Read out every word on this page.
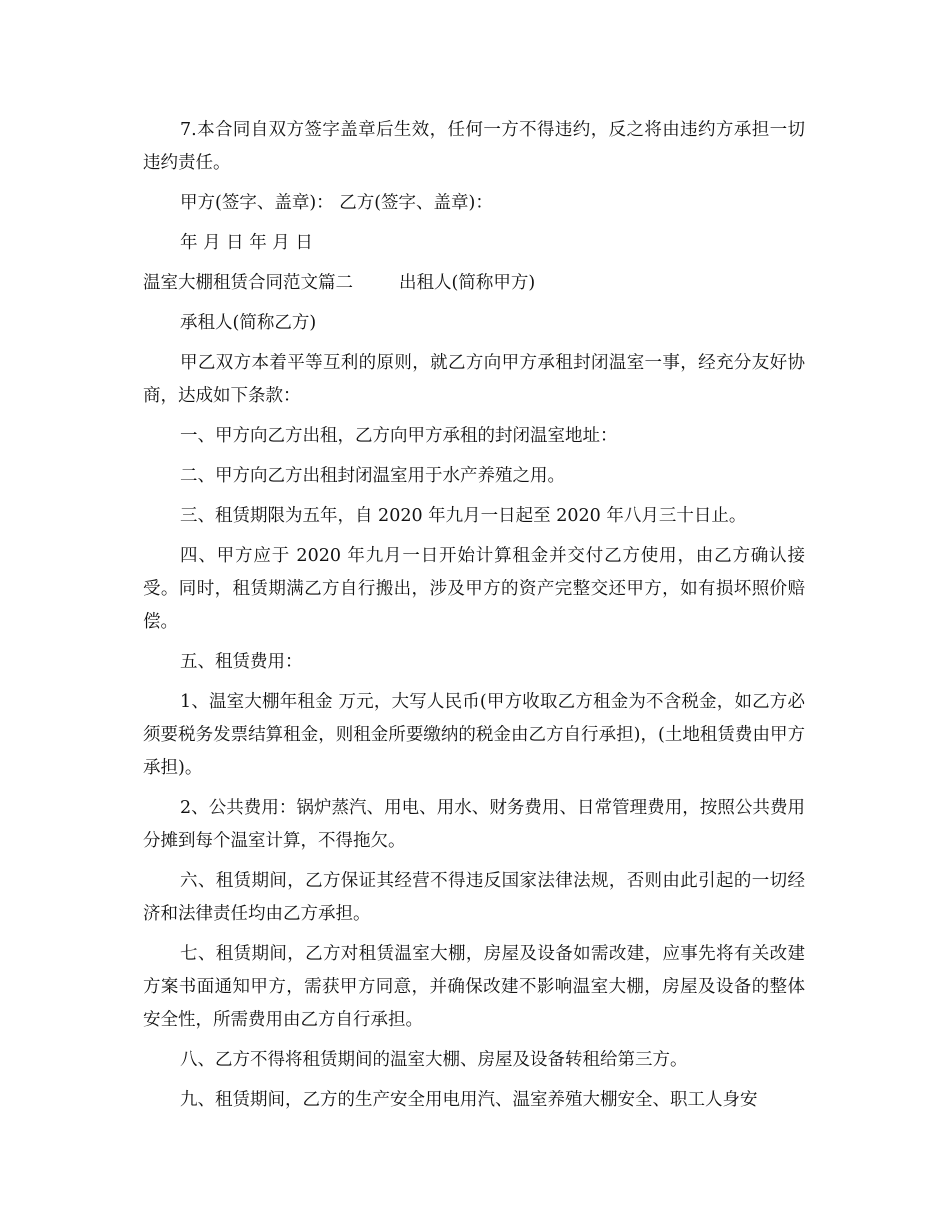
7.本合同自双方签字盖章后生效，任何一方不得违约，反之将由违约方承担一切违约责任。

甲方(签字、盖章)： 乙方(签字、盖章)：

年 月 日 年 月 日

温室大棚租赁合同范文篇二	出租人(简称甲方)

承租人(简称乙方)

甲乙双方本着平等互利的原则，就乙方向甲方承租封闭温室一事，经充分友好协商，达成如下条款：

一、甲方向乙方出租，乙方向甲方承租的封闭温室地址：

二、甲方向乙方出租封闭温室用于水产养殖之用。

三、租赁期限为五年，自 2020 年九月一日起至 2020 年八月三十日止。

四、甲方应于 2020 年九月一日开始计算租金并交付乙方使用，由乙方确认接受。同时，租赁期满乙方自行搬出，涉及甲方的资产完整交还甲方，如有损坏照价赔偿。

五、租赁费用：

1、温室大棚年租金 万元，大写人民币(甲方收取乙方租金为不含税金，如乙方必须要税务发票结算租金，则租金所要缴纳的税金由乙方自行承担)，(土地租赁费由甲方承担)。

2、公共费用：锅炉蒸汽、用电、用水、财务费用、日常管理费用，按照公共费用分摊到每个温室计算，不得拖欠。

六、租赁期间，乙方保证其经营不得违反国家法律法规，否则由此引起的一切经济和法律责任均由乙方承担。

七、租赁期间，乙方对租赁温室大棚，房屋及设备如需改建，应事先将有关改建方案书面通知甲方，需获甲方同意，并确保改建不影响温室大棚，房屋及设备的整体安全性，所需费用由乙方自行承担。

八、乙方不得将租赁期间的温室大棚、房屋及设备转租给第三方。

九、租赁期间，乙方的生产安全用电用汽、温室养殖大棚安全、职工人身安
